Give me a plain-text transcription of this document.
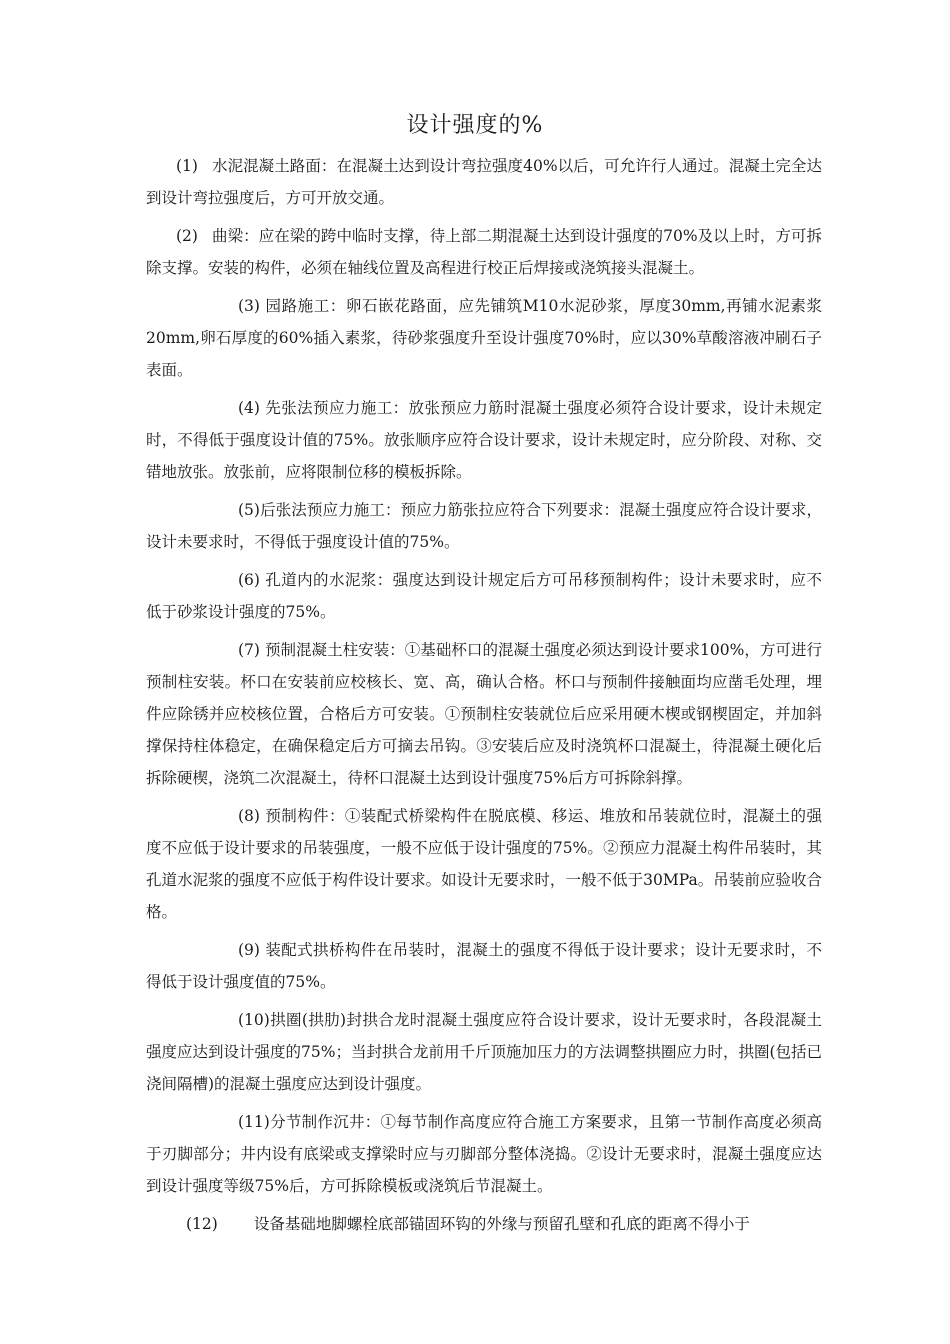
设计强度的%

(1) 水泥混凝土路面：在混凝土达到设计弯拉强度40%以后，可允许行人通过。混凝土完全达到设计弯拉强度后，方可开放交通。

(2) 曲梁：应在梁的跨中临时支撑，待上部二期混凝土达到设计强度的70%及以上时，方可拆除支撑。安装的构件，必须在轴线位置及高程进行校正后焊接或浇筑接头混凝土。

(3) 园路施工：卵石嵌花路面，应先铺筑M10水泥砂浆，厚度30mm,再铺水泥素浆20mm,卵石厚度的60%插入素浆，待砂浆强度升至设计强度70%时，应以30%草酸溶液冲刷石子表面。

(4) 先张法预应力施工：放张预应力筋时混凝土强度必须符合设计要求，设计未规定时，不得低于强度设计值的75%。放张顺序应符合设计要求，设计未规定时，应分阶段、对称、交错地放张。放张前，应将限制位移的模板拆除。

(5)后张法预应力施工：预应力筋张拉应符合下列要求：混凝土强度应符合设计要求，设计未要求时，不得低于强度设计值的75%。

(6) 孔道内的水泥浆：强度达到设计规定后方可吊移预制构件；设计未要求时，应不低于砂浆设计强度的75%。

(7) 预制混凝土柱安装：①基础杯口的混凝土强度必须达到设计要求100%，方可进行预制柱安装。杯口在安装前应校核长、宽、高，确认合格。杯口与预制件接触面均应凿毛处理，埋件应除锈并应校核位置，合格后方可安装。①预制柱安装就位后应采用硬木楔或钢楔固定，并加斜撑保持柱体稳定，在确保稳定后方可摘去吊钩。③安装后应及时浇筑杯口混凝土，待混凝土硬化后拆除硬楔，浇筑二次混凝土，待杯口混凝土达到设计强度75%后方可拆除斜撑。

(8) 预制构件：①装配式桥梁构件在脱底模、移运、堆放和吊装就位时，混凝土的强度不应低于设计要求的吊装强度，一般不应低于设计强度的75%。②预应力混凝土构件吊装时，其孔道水泥浆的强度不应低于构件设计要求。如设计无要求时，一般不低于30MPa。吊装前应验收合格。

(9) 装配式拱桥构件在吊装时，混凝土的强度不得低于设计要求；设计无要求时，不得低于设计强度值的75%。

(10)拱圈(拱肋)封拱合龙时混凝土强度应符合设计要求，设计无要求时，各段混凝土强度应达到设计强度的75%；当封拱合龙前用千斤顶施加压力的方法调整拱圈应力时，拱圈(包括已浇间隔槽)的混凝土强度应达到设计强度。

(11)分节制作沉井：①每节制作高度应符合施工方案要求，且第一节制作高度必须高于刃脚部分；井内设有底梁或支撑梁时应与刃脚部分整体浇捣。②设计无要求时，混凝土强度应达到设计强度等级75%后，方可拆除模板或浇筑后节混凝土。

(12) 设备基础地脚螺栓底部锚固环钩的外缘与预留孔壁和孔底的距离不得小于
